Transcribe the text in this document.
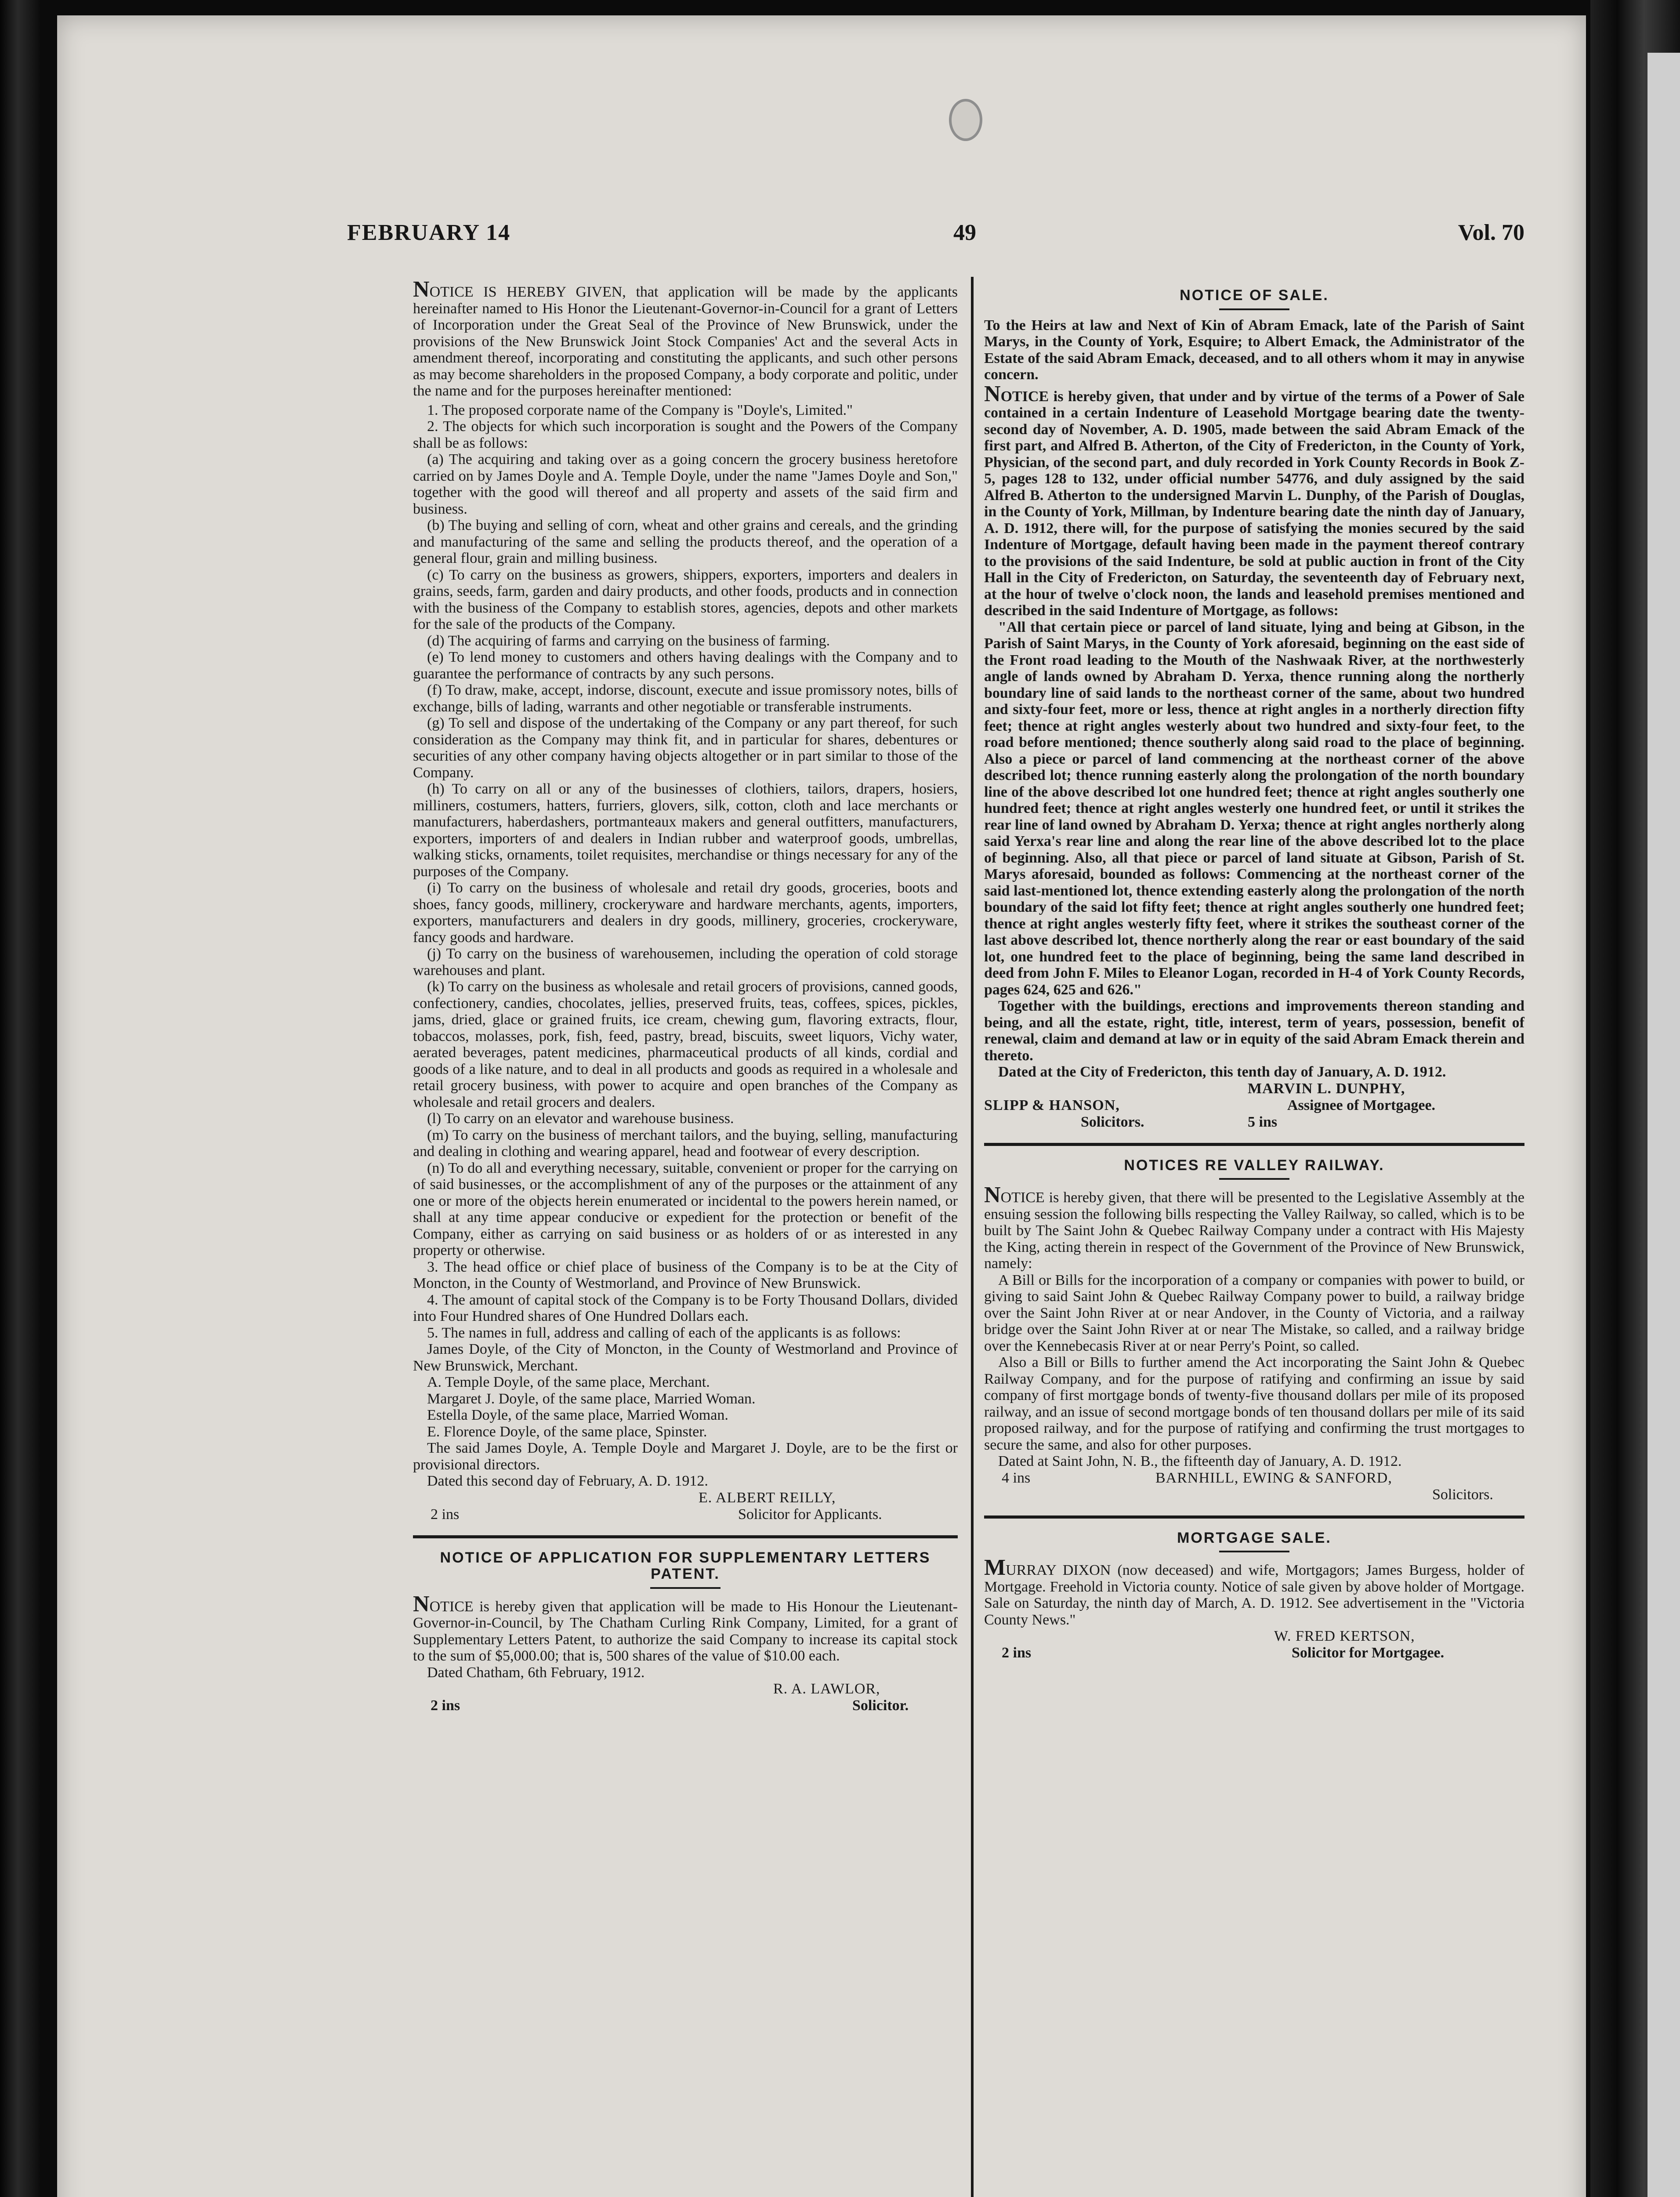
FEBRUARY 14	49	Vol. 70

NOTICE IS HEREBY GIVEN, that application will be made by the applicants hereinafter named to His Honor the Lieutenant-Governor-in-Council for a grant of Letters of Incorporation under the Great Seal of the Province of New Brunswick, under the provisions of the New Brunswick Joint Stock Companies' Act and the several Acts in amendment thereof, incorporating and constituting the applicants, and such other persons as may become shareholders in the proposed Company, a body corporate and politic, under the name and for the purposes hereinafter mentioned:

1. The proposed corporate name of the Company is "Doyle's, Limited."

2. The objects for which such incorporation is sought and the Powers of the Company shall be as follows:

(a) The acquiring and taking over as a going concern the grocery business heretofore carried on by James Doyle and A. Temple Doyle, under the name "James Doyle and Son," together with the good will thereof and all property and assets of the said firm and business.

(b) The buying and selling of corn, wheat and other grains and cereals, and the grinding and manufacturing of the same and selling the products thereof, and the operation of a general flour, grain and milling business.

(c) To carry on the business as growers, shippers, exporters, importers and dealers in grains, seeds, farm, garden and dairy products, and other foods, products and in connection with the business of the Company to establish stores, agencies, depots and other markets for the sale of the products of the Company.

(d) The acquiring of farms and carrying on the business of farming.

(e) To lend money to customers and others having dealings with the Company and to guarantee the performance of contracts by any such persons.

(f) To draw, make, accept, indorse, discount, execute and issue promissory notes, bills of exchange, bills of lading, warrants and other negotiable or transferable instruments.

(g) To sell and dispose of the undertaking of the Company or any part thereof, for such consideration as the Company may think fit, and in particular for shares, debentures or securities of any other company having objects altogether or in part similar to those of the Company.

(h) To carry on all or any of the businesses of clothiers, tailors, drapers, hosiers, milliners, costumers, hatters, furriers, glovers, silk, cotton, cloth and lace merchants or manufacturers, haberdashers, portmanteaux makers and general outfitters, manufacturers, exporters, importers of and dealers in Indian rubber and waterproof goods, umbrellas, walking sticks, ornaments, toilet requisites, merchandise or things necessary for any of the purposes of the Company.

(i) To carry on the business of wholesale and retail dry goods, groceries, boots and shoes, fancy goods, millinery, crockeryware and hardware merchants, agents, importers, exporters, manufacturers and dealers in dry goods, millinery, groceries, crockeryware, fancy goods and hardware.

(j) To carry on the business of warehousemen, including the operation of cold storage warehouses and plant.

(k) To carry on the business as wholesale and retail grocers of provisions, canned goods, confectionery, candies, chocolates, jellies, preserved fruits, teas, coffees, spices, pickles, jams, dried, glace or grained fruits, ice cream, chewing gum, flavoring extracts, flour, tobaccos, molasses, pork, fish, feed, pastry, bread, biscuits, sweet liquors, Vichy water, aerated beverages, patent medicines, pharmaceutical products of all kinds, cordial and goods of a like nature, and to deal in all products and goods as required in a wholesale and retail grocery business, with power to acquire and open branches of the Company as wholesale and retail grocers and dealers.

(l) To carry on an elevator and warehouse business.

(m) To carry on the business of merchant tailors, and the buying, selling, manufacturing and dealing in clothing and wearing apparel, head and footwear of every description.

(n) To do all and everything necessary, suitable, convenient or proper for the carrying on of said businesses, or the accomplishment of any of the purposes or the attainment of any one or more of the objects herein enumerated or incidental to the powers herein named, or shall at any time appear conducive or expedient for the protection or benefit of the Company, either as carrying on said business or as holders of or as interested in any property or otherwise.

3. The head office or chief place of business of the Company is to be at the City of Moncton, in the County of Westmorland, and Province of New Brunswick.

4. The amount of capital stock of the Company is to be Forty Thousand Dollars, divided into Four Hundred shares of One Hundred Dollars each.

5. The names in full, address and calling of each of the applicants is as follows:

James Doyle, of the City of Moncton, in the County of Westmorland and Province of New Brunswick, Merchant.

A. Temple Doyle, of the same place, Merchant.

Margaret J. Doyle, of the same place, Married Woman.

Estella Doyle, of the same place, Married Woman.

E. Florence Doyle, of the same place, Spinster.

The said James Doyle, A. Temple Doyle and Margaret J. Doyle, are to be the first or provisional directors.

Dated this second day of February, A. D. 1912.

E. ALBERT REILLY,
2 ins	Solicitor for Applicants.
NOTICE OF APPLICATION FOR SUPPLEMENTARY LETTERS PATENT.

NOTICE is hereby given that application will be made to His Honour the Lieutenant-Governor-in-Council, by The Chatham Curling Rink Company, Limited, for a grant of Supplementary Letters Patent, to authorize the said Company to increase its capital stock to the sum of $5,000.00; that is, 500 shares of the value of $10.00 each.

Dated Chatham, 6th February, 1912.

R. A. LAWLOR,
2 ins	Solicitor.
NOTICE OF SALE.

To the Heirs at law and Next of Kin of Abram Emack, late of the Parish of Saint Marys, in the County of York, Esquire; to Albert Emack, the Administrator of the Estate of the said Abram Emack, deceased, and to all others whom it may in anywise concern.

NOTICE is hereby given, that under and by virtue of the terms of a Power of Sale contained in a certain Indenture of Leasehold Mortgage bearing date the twenty-second day of November, A. D. 1905, made between the said Abram Emack of the first part, and Alfred B. Atherton, of the City of Fredericton, in the County of York, Physician, of the second part, and duly recorded in York County Records in Book Z-5, pages 128 to 132, under official number 54776, and duly assigned by the said Alfred B. Atherton to the undersigned Marvin L. Dunphy, of the Parish of Douglas, in the County of York, Millman, by Indenture bearing date the ninth day of January, A. D. 1912, there will, for the purpose of satisfying the monies secured by the said Indenture of Mortgage, default having been made in the payment thereof contrary to the provisions of the said Indenture, be sold at public auction in front of the City Hall in the City of Fredericton, on Saturday, the seventeenth day of February next, at the hour of twelve o'clock noon, the lands and leasehold premises mentioned and described in the said Indenture of Mortgage, as follows:

"All that certain piece or parcel of land situate, lying and being at Gibson, in the Parish of Saint Marys, in the County of York aforesaid, beginning on the east side of the Front road leading to the Mouth of the Nashwaak River, at the northwesterly angle of lands owned by Abraham D. Yerxa, thence running along the northerly boundary line of said lands to the northeast corner of the same, about two hundred and sixty-four feet, more or less, thence at right angles in a northerly direction fifty feet; thence at right angles westerly about two hundred and sixty-four feet, to the road before mentioned; thence southerly along said road to the place of beginning. Also a piece or parcel of land commencing at the northeast corner of the above described lot; thence running easterly along the prolongation of the north boundary line of the above described lot one hundred feet; thence at right angles southerly one hundred feet; thence at right angles westerly one hundred feet, or until it strikes the rear line of land owned by Abraham D. Yerxa; thence at right angles northerly along said Yerxa's rear line and along the rear line of the above described lot to the place of beginning. Also, all that piece or parcel of land situate at Gibson, Parish of St. Marys aforesaid, bounded as follows: Commencing at the northeast corner of the said last-mentioned lot, thence extending easterly along the prolongation of the north boundary of the said lot fifty feet; thence at right angles southerly one hundred feet; thence at right angles westerly fifty feet, where it strikes the southeast corner of the last above described lot, thence northerly along the rear or east boundary of the said lot, one hundred feet to the place of beginning, being the same land described in deed from John F. Miles to Eleanor Logan, recorded in H-4 of York County Records, pages 624, 625 and 626."

Together with the buildings, erections and improvements thereon standing and being, and all the estate, right, title, interest, term of years, possession, benefit of renewal, claim and demand at law or in equity of the said Abram Emack therein and thereto.

Dated at the City of Fredericton, this tenth day of January, A. D. 1912.

MARVIN L. DUNPHY,
SLIPP & HANSON,	Assignee of Mortgagee.
Solicitors.	5 ins
NOTICES RE VALLEY RAILWAY.

NOTICE is hereby given, that there will be presented to the Legislative Assembly at the ensuing session the following bills respecting the Valley Railway, so called, which is to be built by The Saint John & Quebec Railway Company under a contract with His Majesty the King, acting therein in respect of the Government of the Province of New Brunswick, namely:

A Bill or Bills for the incorporation of a company or companies with power to build, or giving to said Saint John & Quebec Railway Company power to build, a railway bridge over the Saint John River at or near Andover, in the County of Victoria, and a railway bridge over the Saint John River at or near The Mistake, so called, and a railway bridge over the Kennebecasis River at or near Perry's Point, so called.

Also a Bill or Bills to further amend the Act incorporating the Saint John & Quebec Railway Company, and for the purpose of ratifying and confirming an issue by said company of first mortgage bonds of twenty-five thousand dollars per mile of its proposed railway, and an issue of second mortgage bonds of ten thousand dollars per mile of its said proposed railway, and for the purpose of ratifying and confirming the trust mortgages to secure the same, and also for other purposes.

Dated at Saint John, N. B., the fifteenth day of January, A. D. 1912.

4 ins	BARNHILL, EWING & SANFORD,
Solicitors.
MORTGAGE SALE.

MURRAY DIXON (now deceased) and wife, Mortgagors; James Burgess, holder of Mortgage. Freehold in Victoria county. Notice of sale given by above holder of Mortgage. Sale on Saturday, the ninth day of March, A. D. 1912. See advertisement in the "Victoria County News."

W. FRED KERTSON,
2 ins	Solicitor for Mortgagee.
